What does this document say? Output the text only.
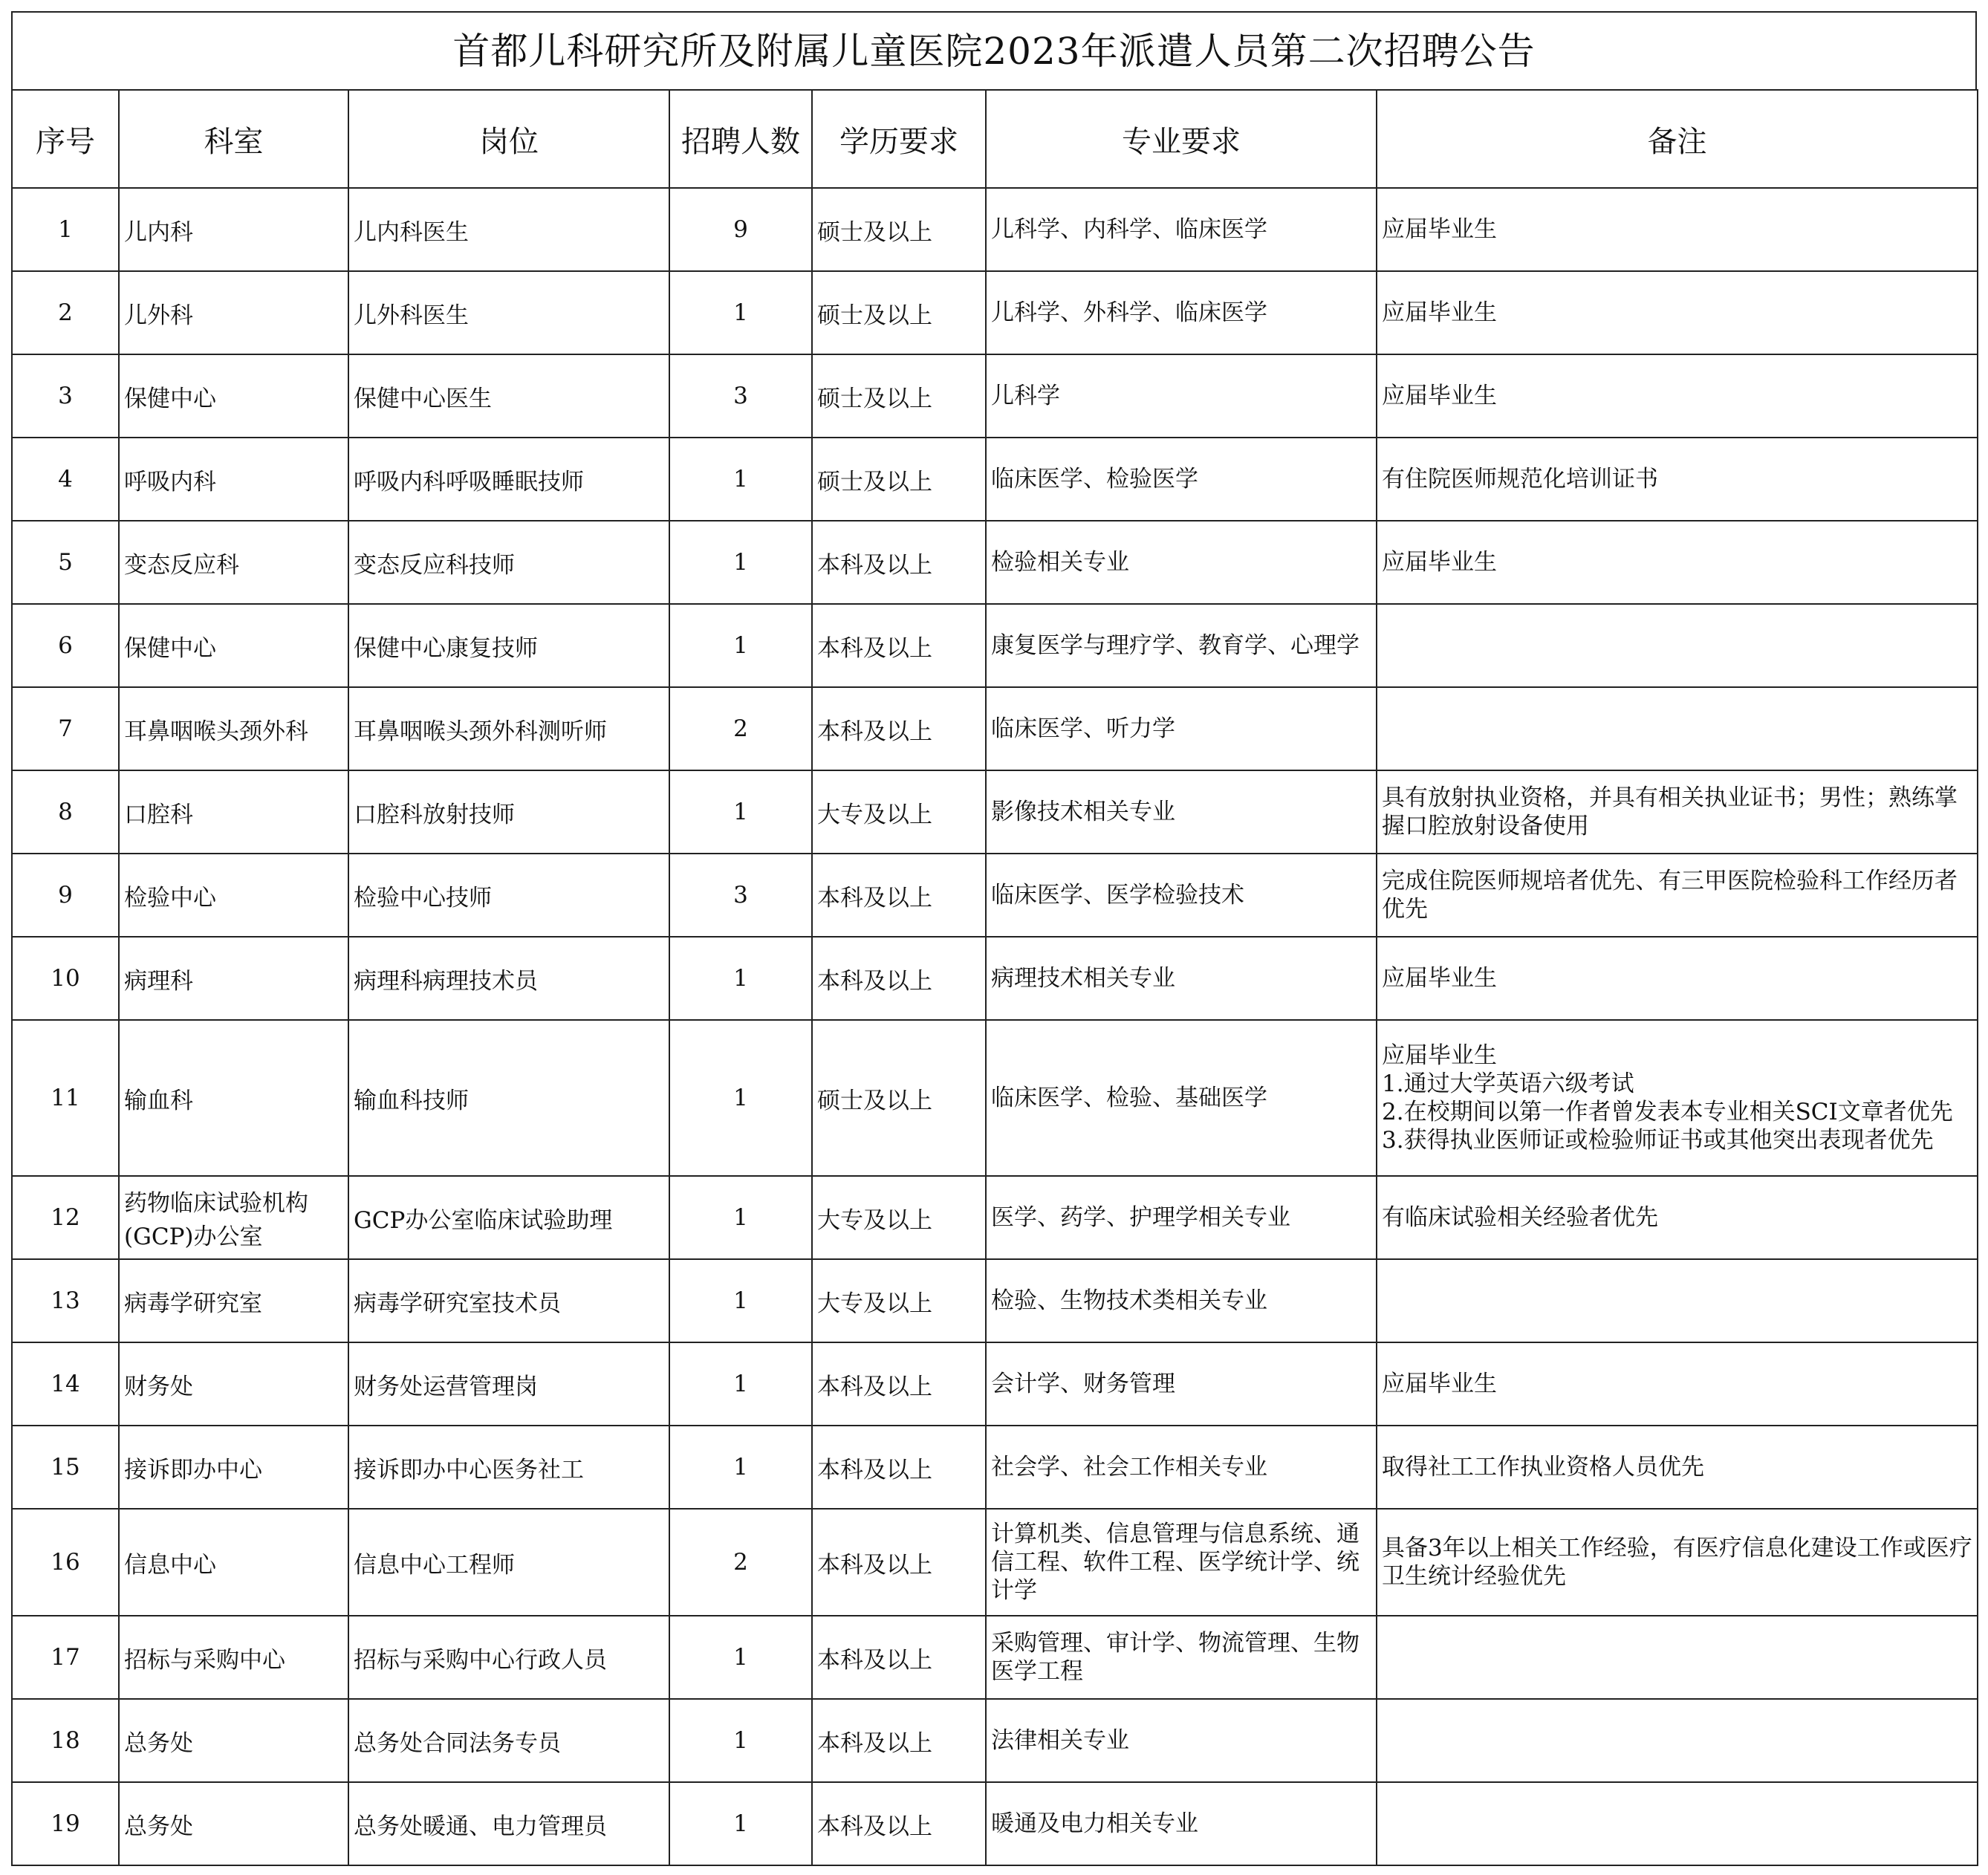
首都儿科研究所及附属儿童医院2023年派遣人员第二次招聘公告
序号	科室	岗位	招聘人数	学历要求	专业要求	备注
1	儿内科	儿内科医生	9	硕士及以上	儿科学、内科学、临床医学	应届毕业生
2	儿外科	儿外科医生	1	硕士及以上	儿科学、外科学、临床医学	应届毕业生
3	保健中心	保健中心医生	3	硕士及以上	儿科学	应届毕业生
4	呼吸内科	呼吸内科呼吸睡眠技师	1	硕士及以上	临床医学、检验医学	有住院医师规范化培训证书
5	变态反应科	变态反应科技师	1	本科及以上	检验相关专业	应届毕业生
6	保健中心	保健中心康复技师	1	本科及以上	康复医学与理疗学、教育学、心理学	
7	耳鼻咽喉头颈外科	耳鼻咽喉头颈外科测听师	2	本科及以上	临床医学、听力学	
8	口腔科	口腔科放射技师	1	大专及以上	影像技术相关专业	具有放射执业资格，并具有相关执业证书；男性；熟练掌握口腔放射设备使用
9	检验中心	检验中心技师	3	本科及以上	临床医学、医学检验技术	完成住院医师规培者优先、有三甲医院检验科工作经历者优先
10	病理科	病理科病理技术员	1	本科及以上	病理技术相关专业	应届毕业生
11	输血科	输血科技师	1	硕士及以上	临床医学、检验、基础医学	应届毕业生
1.通过大学英语六级考试
2.在校期间以第一作者曾发表本专业相关SCI文章者优先
3.获得执业医师证或检验师证书或其他突出表现者优先
12	药物临床试验机构(GCP)办公室	GCP办公室临床试验助理	1	大专及以上	医学、药学、护理学相关专业	有临床试验相关经验者优先
13	病毒学研究室	病毒学研究室技术员	1	大专及以上	检验、生物技术类相关专业	
14	财务处	财务处运营管理岗	1	本科及以上	会计学、财务管理	应届毕业生
15	接诉即办中心	接诉即办中心医务社工	1	本科及以上	社会学、社会工作相关专业	取得社工工作执业资格人员优先
16	信息中心	信息中心工程师	2	本科及以上	计算机类、信息管理与信息系统、通信工程、软件工程、医学统计学、统计学	具备3年以上相关工作经验，有医疗信息化建设工作或医疗卫生统计经验优先
17	招标与采购中心	招标与采购中心行政人员	1	本科及以上	采购管理、审计学、物流管理、生物医学工程	
18	总务处	总务处合同法务专员	1	本科及以上	法律相关专业	
19	总务处	总务处暖通、电力管理员	1	本科及以上	暖通及电力相关专业	
